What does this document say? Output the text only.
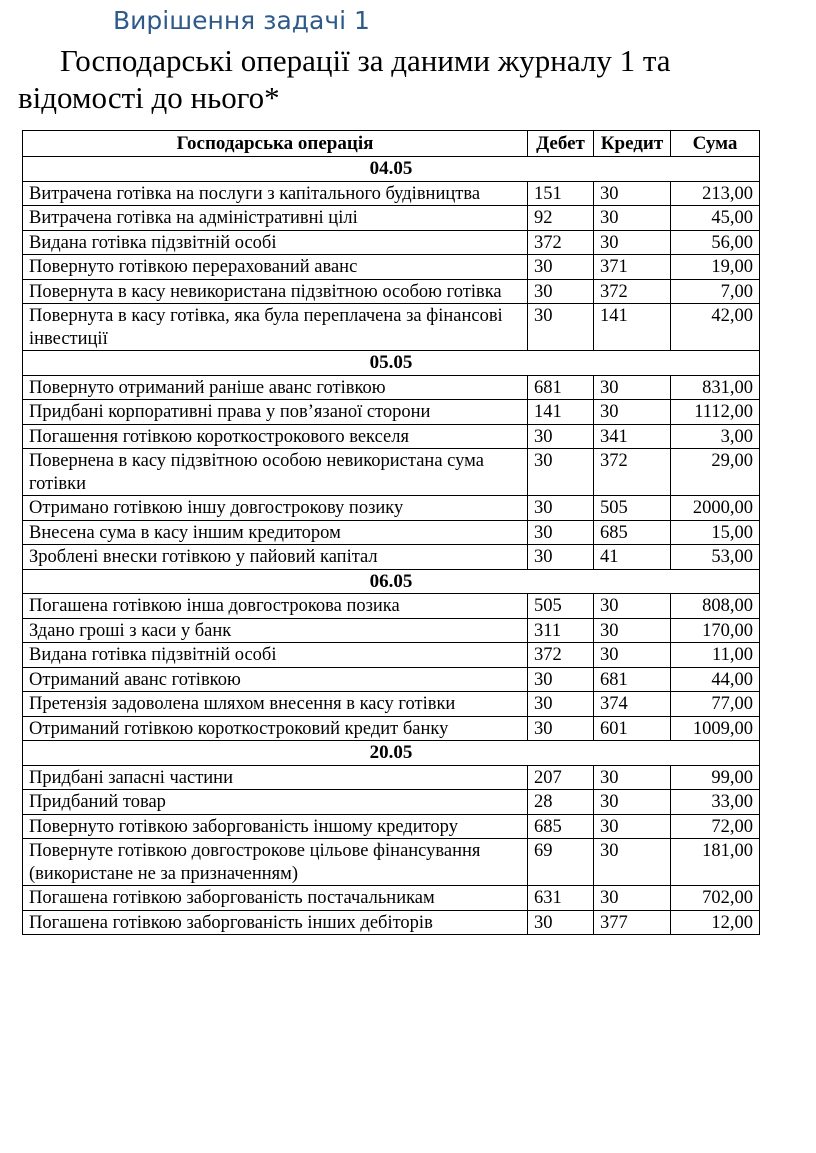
Вирішення задачі 1
Господарські операції за даними журналу 1 та відомості до нього*
Господарська операція	Дебет	Кредит	Сума
04.05			
Витрачена готівка на послуги з капітального будівництва	151	30	213,00
Витрачена готівка на адміністративні цілі	92	30	45,00
Видана готівка підзвітній особі	372	30	56,00
Повернуто готівкою перерахований аванс	30	371	19,00
Повернута в касу невикористана підзвітною особою готівка	30	372	7,00
Повернута в касу готівка, яка була переплачена за фінансові інвестиції	30	141	42,00
05.05			
Повернуто отриманий раніше аванс готівкою	681	30	831,00
Придбані корпоративні права у пов’язаної сторони	141	30	1112,00
Погашення готівкою короткострокового векселя	30	341	3,00
Повернена в касу підзвітною особою невикористана сума готівки	30	372	29,00
Отримано готівкою іншу довгострокову позику	30	505	2000,00
Внесена сума в касу іншим кредитором	30	685	15,00
Зроблені внески готівкою у пайовий капітал	30	41	53,00
06.05			
Погашена готівкою інша довгострокова позика	505	30	808,00
Здано гроші з каси у банк	311	30	170,00
Видана готівка підзвітній особі	372	30	11,00
Отриманий аванс готівкою	30	681	44,00
Претензія задоволена шляхом внесення в касу готівки	30	374	77,00
Отриманий готівкою короткостроковий кредит банку	30	601	1009,00
20.05			
Придбані запасні частини	207	30	99,00
Придбаний товар	28	30	33,00
Повернуто готівкою заборгованість іншому кредитору	685	30	72,00
Повернуте готівкою довгострокове цільове фінансування (використане не за призначенням)	69	30	181,00
Погашена готівкою заборгованість постачальникам	631	30	702,00
Погашена готівкою заборгованість інших дебіторів	30	377	12,00
